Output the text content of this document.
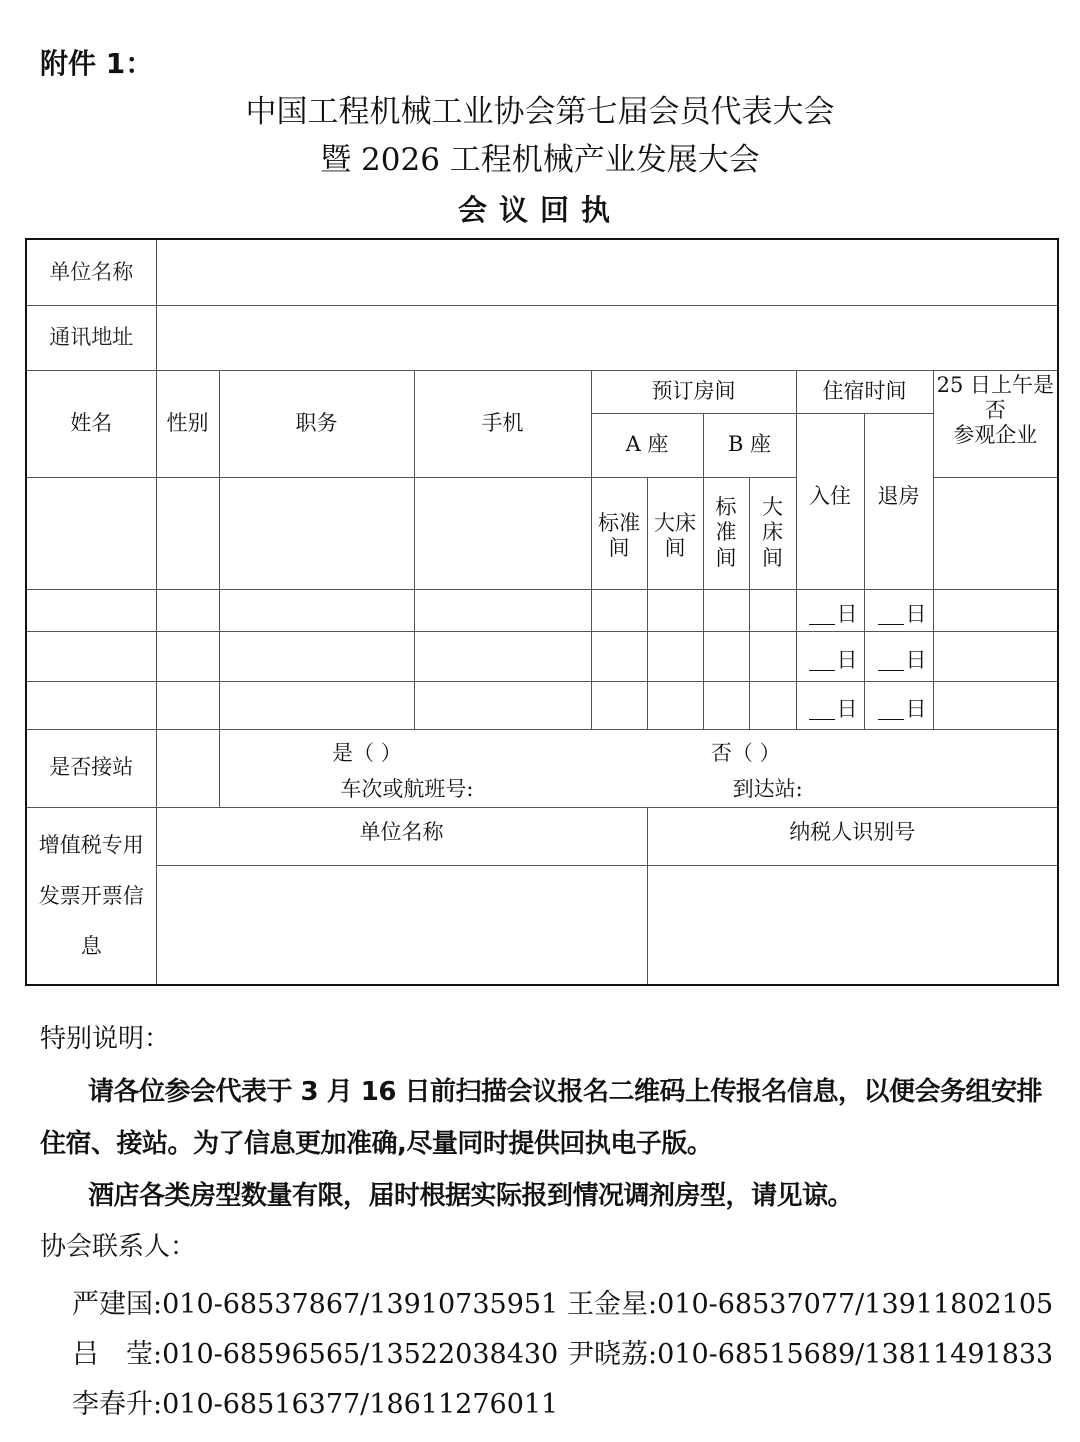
附件 1：
中国工程机械工业协会第七届会员代表大会
暨 2026 工程机械产业发展大会
会议回执
单位名称										
通讯地址										
姓名	性别	职务	手机	预订房间				住宿时间		25 日上午是
否
参观企业

				A 座		B 座		入住	退房	

				标准间	大床间	标准间	大床间			

								日	日	
								日	日	
								日	日	
是否接站		是（ ） 否（ ）
车次或航班号: 到达站:								

增值税专用发票开票信息	单位名称				纳税人识别号					

特别说明：
请各位参会代表于 3 月 16 日前扫描会议报名二维码上传报名信息，以便会务组安排住宿、接站。为了信息更加准确,尽量同时提供回执电子版。
酒店各类房型数量有限，届时根据实际报到情况调剂房型，请见谅。
协会联系人：
严建国:010-68537867/13910735951 王金星:010-68537077/13911802105
吕　莹:010-68596565/13522038430 尹晓荔:010-68515689/13811491833
李春升:010-68516377/18611276011
